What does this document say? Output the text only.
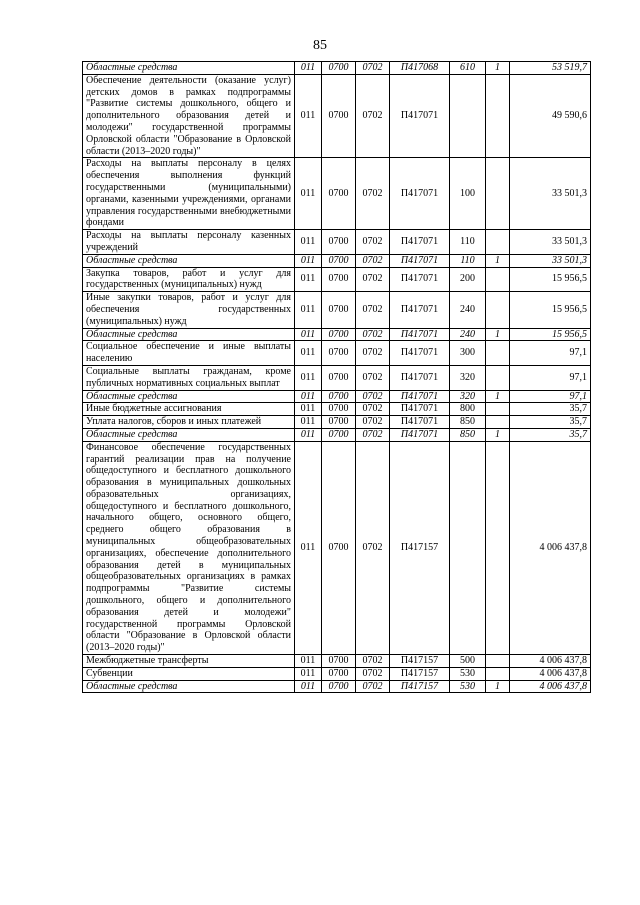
85
Областные средства	011	0700	0702	П417068	610	1	53 519,7
Обеспечение деятельности (оказание услуг) детских домов в рамках подпрограммы "Развитие системы дошкольного, общего и дополнительного образования детей и молодежи" государственной программы Орловской области "Образование в Орловской области (2013–2020 годы)"	011	0700	0702	П417071			49 590,6
Расходы на выплаты персоналу в целях обеспечения выполнения функций государственными (муниципальными) органами, казенными учреждениями, органами управления государственными внебюджетными фондами	011	0700	0702	П417071	100		33 501,3
Расходы на выплаты персоналу казенных учреждений	011	0700	0702	П417071	110		33 501,3
Областные средства	011	0700	0702	П417071	110	1	33 501,3
Закупка товаров, работ и услуг для государственных (муниципальных) нужд	011	0700	0702	П417071	200		15 956,5
Иные закупки товаров, работ и услуг для обеспечения государственных (муниципальных) нужд	011	0700	0702	П417071	240		15 956,5
Областные средства	011	0700	0702	П417071	240	1	15 956,5
Социальное обеспечение и иные выплаты населению	011	0700	0702	П417071	300		97,1
Социальные выплаты гражданам, кроме публичных нормативных социальных выплат	011	0700	0702	П417071	320		97,1
Областные средства	011	0700	0702	П417071	320	1	97,1
Иные бюджетные ассигнования	011	0700	0702	П417071	800		35,7
Уплата налогов, сборов и иных платежей	011	0700	0702	П417071	850		35,7
Областные средства	011	0700	0702	П417071	850	1	35,7
Финансовое обеспечение государственных гарантий реализации прав на получение общедоступного и бесплатного дошкольного образования в муниципальных дошкольных образовательных организациях, общедоступного и бесплатного дошкольного, начального общего, основного общего, среднего общего образования в муниципальных общеобразовательных организациях, обеспечение дополнительного образования детей в муниципальных общеобразовательных организациях в рамках подпрограммы "Развитие системы дошкольного, общего и дополнительного образования детей и молодежи" государственной программы Орловской области "Образование в Орловской области (2013–2020 годы)"	011	0700	0702	П417157			4 006 437,8
Межбюджетные трансферты	011	0700	0702	П417157	500		4 006 437,8
Субвенции	011	0700	0702	П417157	530		4 006 437,8
Областные средства	011	0700	0702	П417157	530	1	4 006 437,8
